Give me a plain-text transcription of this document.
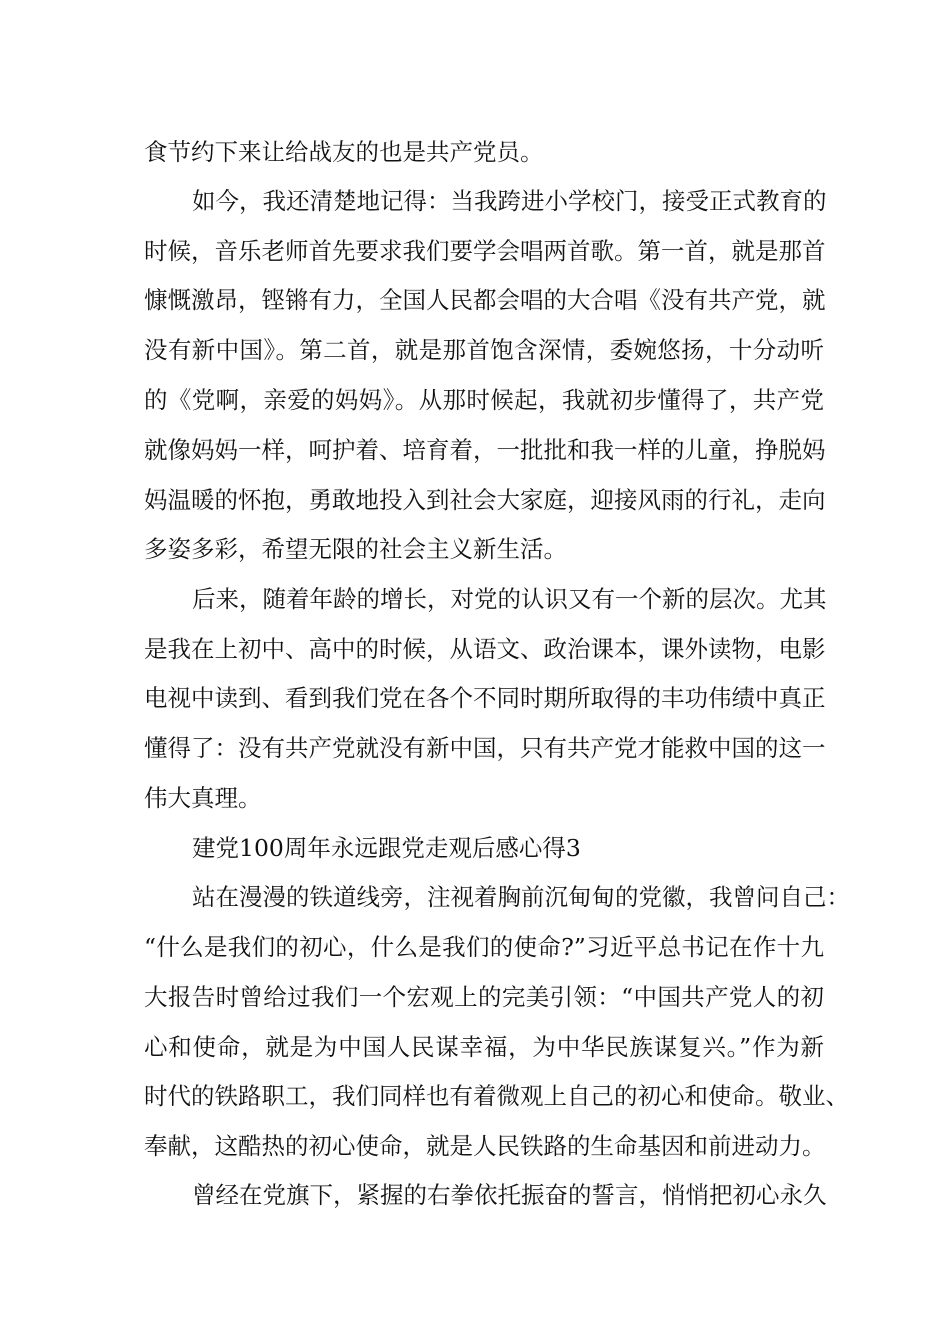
食节约下来让给战友的也是共产党员。
如今，我还清楚地记得：当我跨进小学校门，接受正式教育的
时候，音乐老师首先要求我们要学会唱两首歌。第一首，就是那首
慷慨激昂，铿锵有力，全国人民都会唱的大合唱《没有共产党，就
没有新中国》。第二首，就是那首饱含深情，委婉悠扬，十分动听
的《党啊，亲爱的妈妈》。从那时候起，我就初步懂得了，共产党
就像妈妈一样，呵护着、培育着，一批批和我一样的儿童，挣脱妈
妈温暖的怀抱，勇敢地投入到社会大家庭，迎接风雨的行礼，走向
多姿多彩，希望无限的社会主义新生活。
后来，随着年龄的增长，对党的认识又有一个新的层次。尤其
是我在上初中、高中的时候，从语文、政治课本，课外读物，电影
电视中读到、看到我们党在各个不同时期所取得的丰功伟绩中真正
懂得了：没有共产党就没有新中国，只有共产党才能救中国的这一
伟大真理。
建党100周年永远跟党走观后感心得3
站在漫漫的铁道线旁，注视着胸前沉甸甸的党徽，我曾问自己：
“什么是我们的初心，什么是我们的使命?”习近平总书记在作十九
大报告时曾给过我们一个宏观上的完美引领：“中国共产党人的初
心和使命，就是为中国人民谋幸福，为中华民族谋复兴。”作为新
时代的铁路职工，我们同样也有着微观上自己的初心和使命。敬业、
奉献，这酷热的初心使命，就是人民铁路的生命基因和前进动力。
曾经在党旗下，紧握的右拳依托振奋的誓言，悄悄把初心永久
